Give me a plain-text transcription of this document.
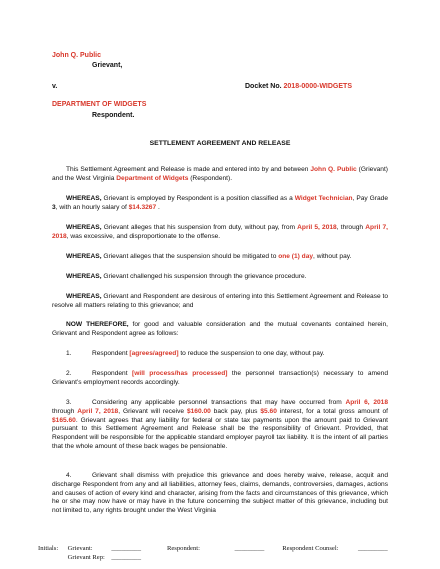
John Q. Public
Grievant,
v.	Docket No. 2018-0000-WIDGETS
DEPARTMENT OF WIDGETS
Respondent.
SETTLEMENT AGREEMENT AND RELEASE
This Settlement Agreement and Release is made and entered into by and between John Q. Public (Grievant) and the West Virginia Department of Widgets (Respondent).
WHEREAS, Grievant is employed by Respondent is a position classified as a Widget Technician, Pay Grade 3, with an hourly salary of $14.3267 .
WHEREAS, Grievant alleges that his suspension from duty, without pay, from April 5, 2018, through April 7, 2018, was excessive, and disproportionate to the offense.
WHEREAS, Grievant alleges that the suspension should be mitigated to one (1) day, without pay.
WHEREAS, Grievant challenged his suspension through the grievance procedure.
WHEREAS, Grievant and Respondent are desirous of entering into this Settlement Agreement and Release to resolve all matters relating to this grievance; and
NOW THEREFORE, for good and valuable consideration and the mutual covenants contained herein, Grievant and Respondent agree as follows:
1.	Respondent [agrees/agreed] to reduce the suspension to one day, without pay.
2.	Respondent [will process/has processed] the personnel transaction(s) necessary to amend Grievant’s employment records accordingly.
3.	Considering any applicable personnel transactions that may have occurred from April 6, 2018 through April 7, 2018, Grievant will receive $160.00 back pay, plus $5.60 interest, for a total gross amount of $165.60. Grievant agrees that any liability for federal or state tax payments upon the amount paid to Grievant pursuant to this Settlement Agreement and Release shall be the responsibility of Grievant. Provided, that Respondent will be responsible for the applicable standard employer payroll tax liability. It is the intent of all parties that the whole amount of these back wages be pensionable.
4.	Grievant shall dismiss with prejudice this grievance and does hereby waive, release, acquit and discharge Respondent from any and all liabilities, attorney fees, claims, demands, controversies, damages, actions and causes of action of every kind and character, arising from the facts and circumstances of this grievance, which he or she may now have or may have in the future concerning the subject matter of this grievance, including but not limited to, any rights brought under the West Virginia
Initials: Grievant:	_________	Respondent:	_________	Respondent Counsel:	_________
Grievant Rep: _________
